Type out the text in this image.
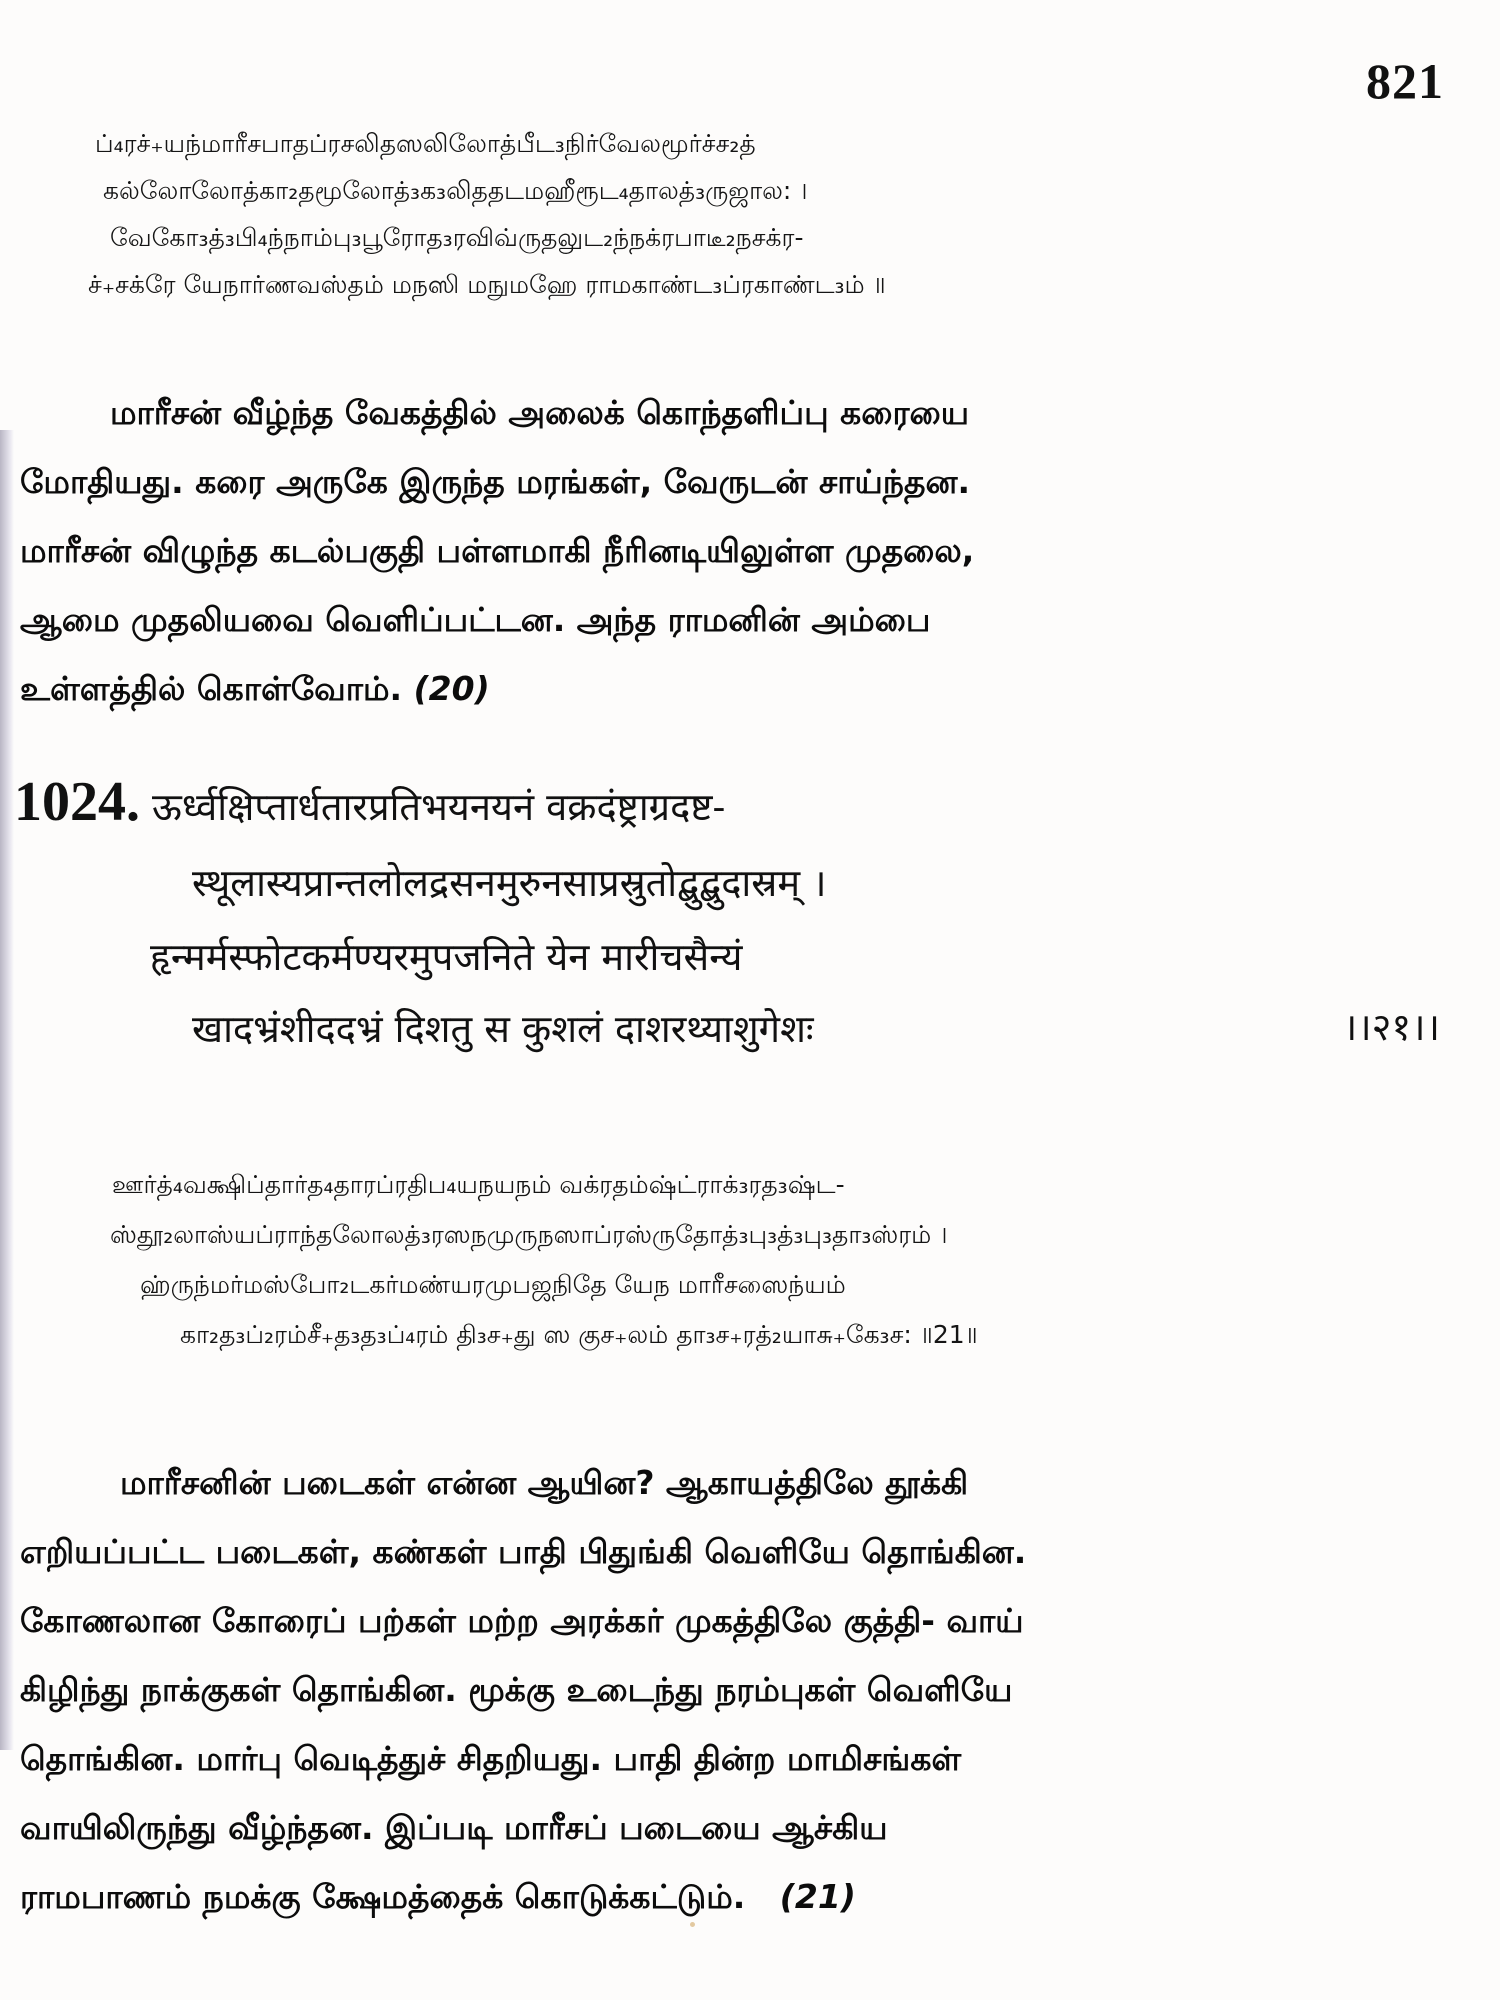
821
ப்₄ரச்₊யந்மாரீசபாதப்ரசலிதஸலிலோத்பீட₃நிர்வேலமூர்ச்ச₂த்
கல்லோலோத்கா₂தமூலோத்₃க₃லிததடமஹீரூட₄தாலத்₃ருஜால: ।
வேகோ₃த்₃பி₄ந்நாம்பு₃பூரோத₃ரவிவ்ருதலுட₂ந்நக்ரபாடீ₂நசக்ர-
ச்₊சக்ரே யேநார்ணவஸ்தம் மநஸி மநுமஹே ராமகாண்ட₃ப்ரகாண்ட₃ம் ॥
மாரீசன் வீழ்ந்த வேகத்தில் அலைக் கொந்தளிப்பு கரையை
மோதியது. கரை அருகே இருந்த மரங்கள், வேருடன் சாய்ந்தன.
மாரீசன் விழுந்த கடல்பகுதி பள்ளமாகி நீரினடியிலுள்ள முதலை,
ஆமை முதலியவை வெளிப்பட்டன. அந்த ராமனின் அம்பை
உள்ளத்தில் கொள்வோம். (20)
1024. ऊर्ध्वक्षिप्तार्धतारप्रतिभयनयनं वक्रदंष्ट्राग्रदष्ट-
स्थूलास्यप्रान्तलोलद्रसनमुरुनसाप्रस्रुतोद्बुद्बुदास्रम् ।
हृन्मर्मस्फोटकर्मण्यरमुपजनिते येन मारीचसैन्यं
खादभ्रंशीददभ्रं दिशतु स कुशलं दाशरथ्याशुगेशः	।।२१।।
ஊர்த்₄வக்ஷிப்தார்த₄தாரப்ரதிப₄யநயநம் வக்ரதம்ஷ்ட்ராக்₃ரத₃ஷ்ட-
ஸ்தூ₂லாஸ்யப்ராந்தலோலத்₃ரஸநமுருநஸாப்ரஸ்ருதோத்₃பு₃த்₃பு₃தா₃ஸ்ரம் ।
ஹ்ருந்மர்மஸ்போ₂டகர்மண்யரமுபஜநிதே யேந மாரீசஸைந்யம்
கா₂த₃ப்₂ரம்சீ₊த₃த₃ப்₄ரம் தி₃ச₊து ஸ குச₊லம் தா₃ச₊ரத்₂யாசு₊கே₃ச: ॥21॥
மாரீசனின் படைகள் என்ன ஆயின? ஆகாயத்திலே தூக்கி
எறியப்பட்ட படைகள், கண்கள் பாதி பிதுங்கி வெளியே தொங்கின.
கோணலான கோரைப் பற்கள் மற்ற அரக்கர் முகத்திலே குத்தி- வாய்
கிழிந்து நாக்குகள் தொங்கின. மூக்கு உடைந்து நரம்புகள் வெளியே
தொங்கின. மார்பு வெடித்துச் சிதறியது. பாதி தின்ற மாமிசங்கள்
வாயிலிருந்து வீழ்ந்தன. இப்படி மாரீசப் படையை ஆச்கிய
ராமபாணம் நமக்கு க்ஷேமத்தைக் கொடுக்கட்டும். (21)
